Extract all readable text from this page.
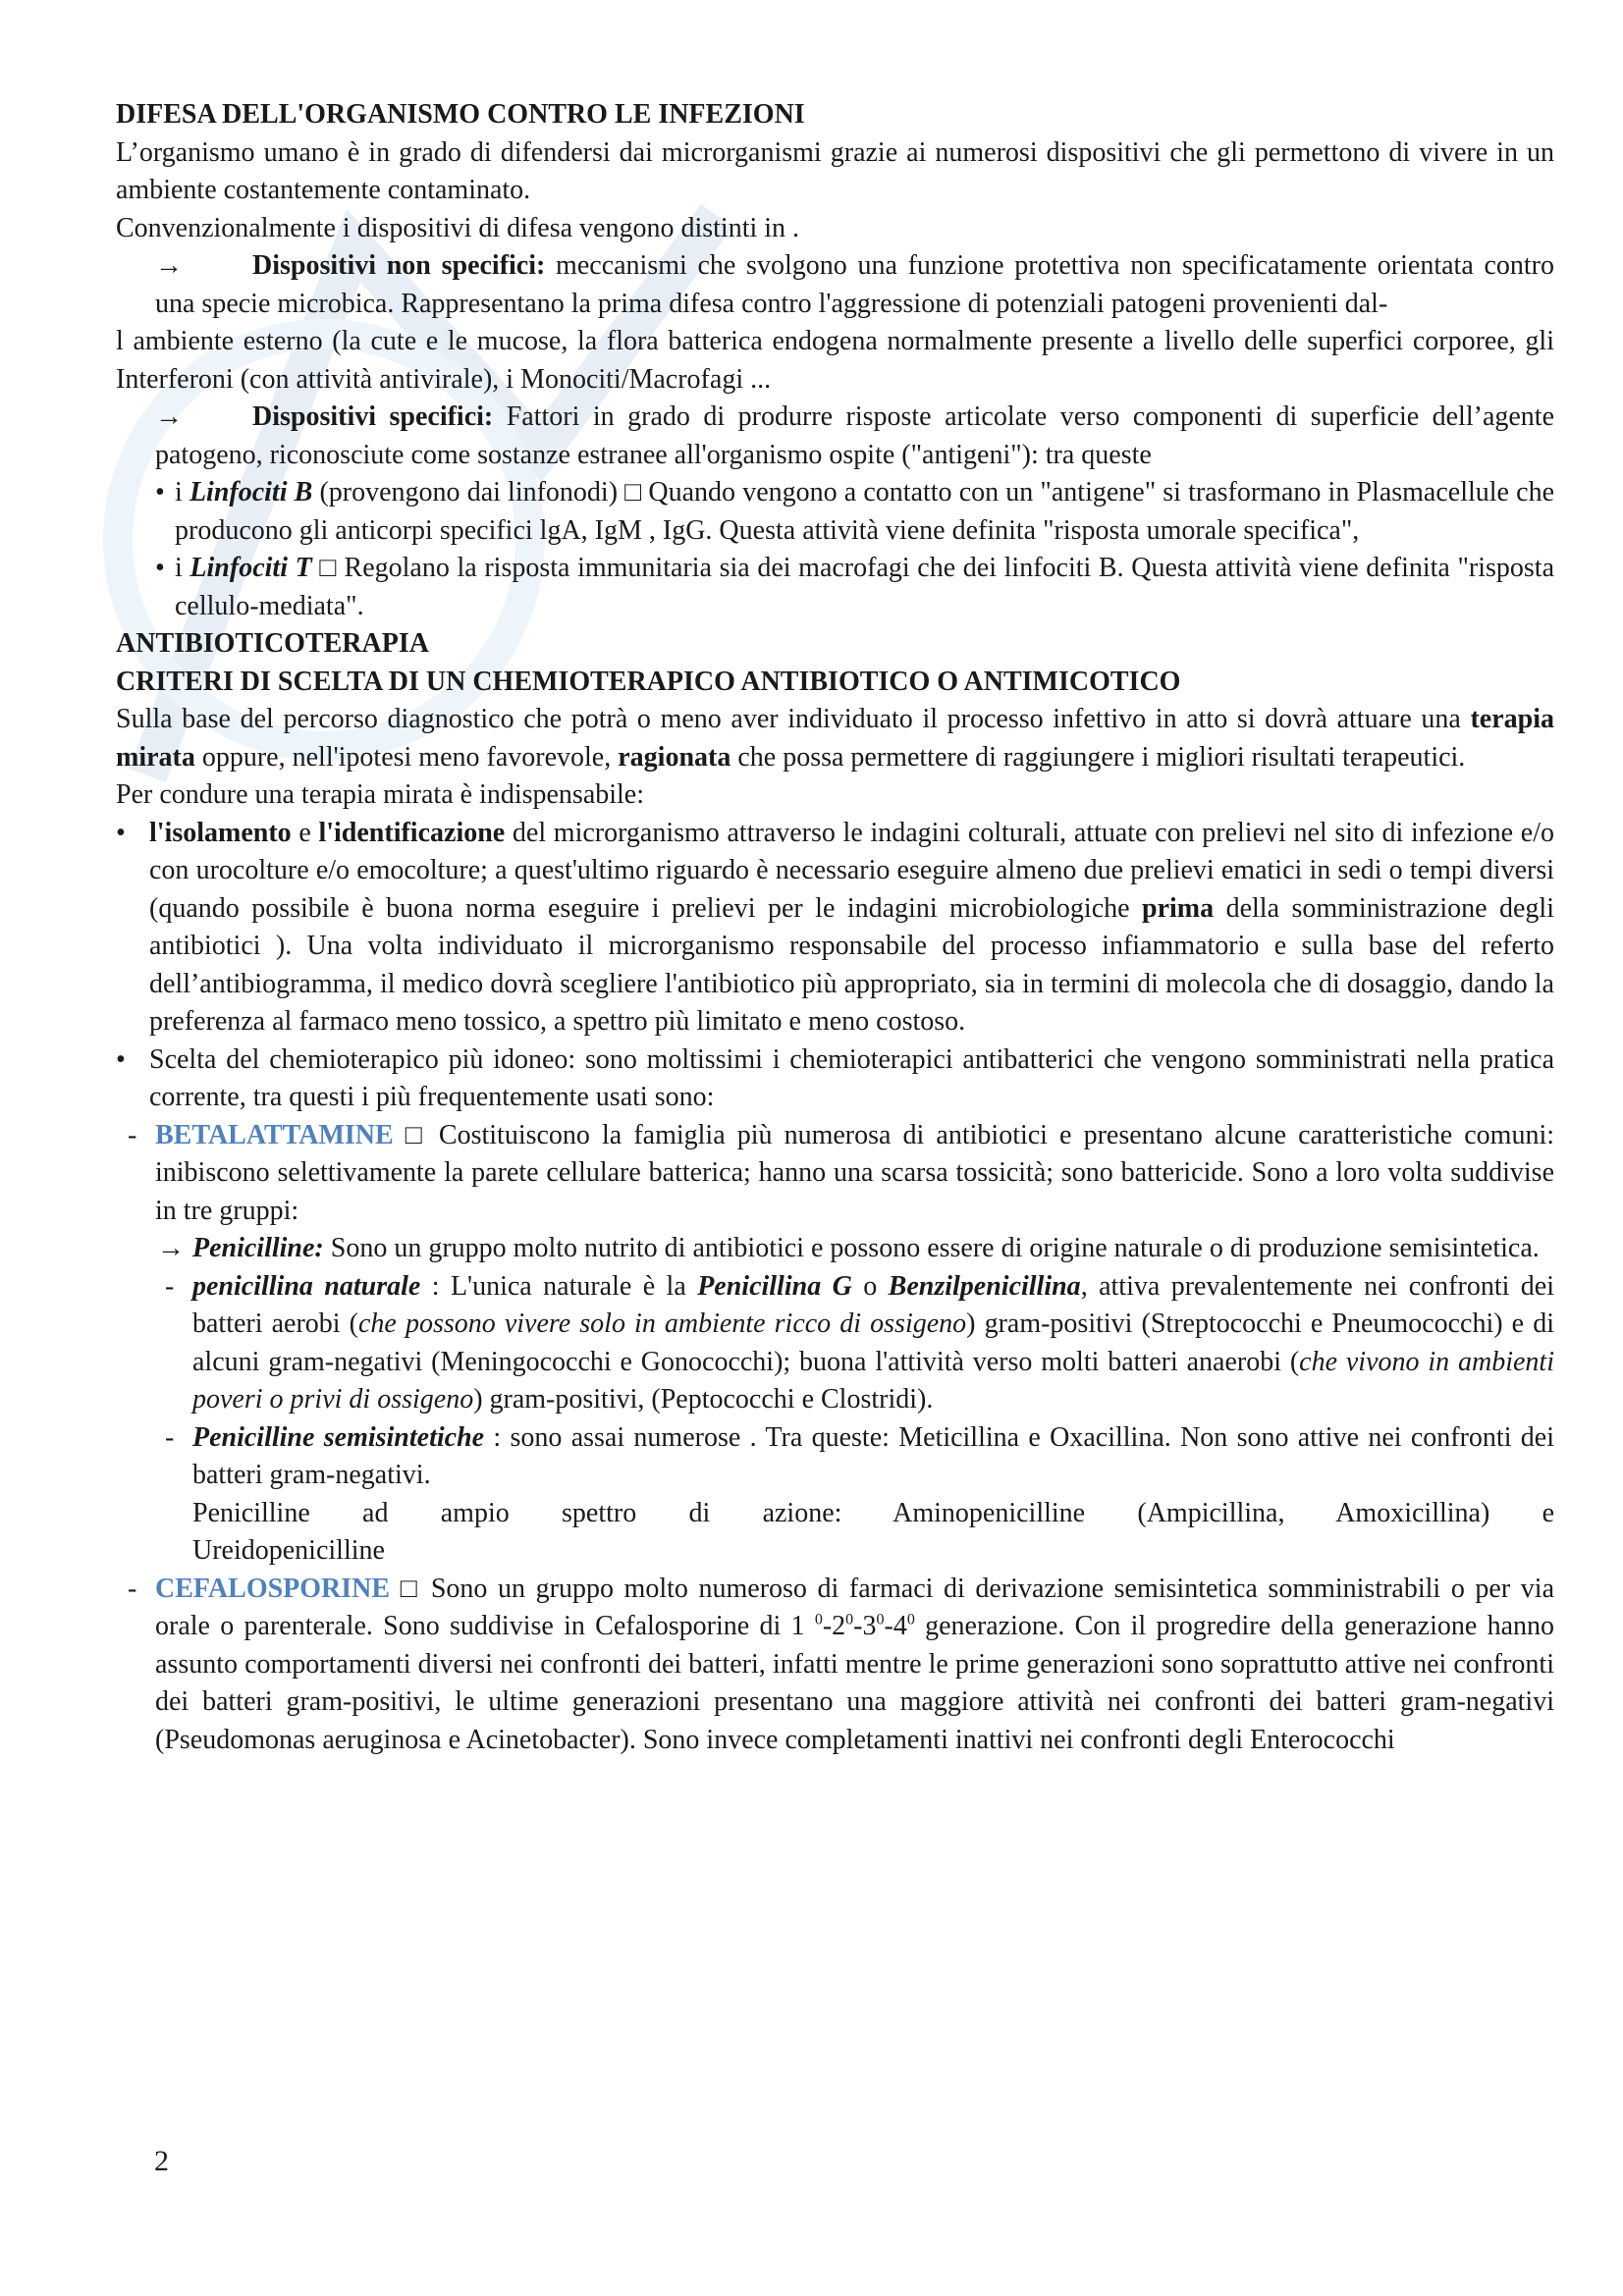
DIFESA DELL'ORGANISMO CONTRO LE INFEZIONI

L’organismo umano è in grado di difendersi dai microrganismi grazie ai numerosi dispositivi che gli permettono di vivere in un ambiente costantemente contaminato.

Convenzionalmente i dispositivi di difesa vengono distinti in .

→	Dispositivi non specifici: meccanismi che svolgono una funzione protettiva non specificatamente orientata contro una specie microbica. Rappresentano la prima difesa contro l'aggressione di potenziali patogeni provenienti dal-

l ambiente esterno (la cute e le mucose, la flora batterica endogena normalmente presente a livello delle superfici corporee, gli Interferoni (con attività antivirale), i Monociti/Macrofagi ...

→	Dispositivi specifici: Fattori in grado di produrre risposte articolate verso componenti di superficie dell’agente patogeno, riconosciute come sostanze estranee all'organismo ospite ("antigeni"): tra queste

• i Linfociti B (provengono dai linfonodi) □ Quando vengono a contatto con un "antigene" si trasformano in Plasmacellule che producono gli anticorpi specifici lgA, IgM , IgG. Questa attività viene definita "risposta umorale specifica",

• i Linfociti T □ Regolano la risposta immunitaria sia dei macrofagi che dei linfociti B. Questa attività viene definita "risposta cellulo-mediata".

ANTIBIOTICOTERAPIA

CRITERI DI SCELTA DI UN CHEMIOTERAPICO ANTIBIOTICO O ANTIMICOTICO

Sulla base del percorso diagnostico che potrà o meno aver individuato il processo infettivo in atto si dovrà attuare una terapia mirata oppure, nell'ipotesi meno favorevole, ragionata che possa permettere di raggiungere i migliori risultati terapeutici.

Per condure una terapia mirata è indispensabile:

• l'isolamento e l'identificazione del microrganismo attraverso le indagini colturali, attuate con prelievi nel sito di infezione e/o con urocolture e/o emocolture; a quest'ultimo riguardo è necessario eseguire almeno due prelievi ematici in sedi o tempi diversi (quando possibile è buona norma eseguire i prelievi per le indagini microbiologiche prima della somministrazione degli antibiotici ). Una volta individuato il microrganismo responsabile del processo infiammatorio e sulla base del referto dell’antibiogramma, il medico dovrà scegliere l'antibiotico più appropriato, sia in termini di molecola che di dosaggio, dando la preferenza al farmaco meno tossico, a spettro più limitato e meno costoso.

• Scelta del chemioterapico più idoneo: sono moltissimi i chemioterapici antibatterici che vengono somministrati nella pratica corrente, tra questi i più frequentemente usati sono:

- BETALATTAMINE □ Costituiscono la famiglia più numerosa di antibiotici e presentano alcune caratteristiche comuni: inibiscono selettivamente la parete cellulare batterica; hanno una scarsa tossicità; sono battericide. Sono a loro volta suddivise in tre gruppi:

→ Penicilline: Sono un gruppo molto nutrito di antibiotici e possono essere di origine naturale o di produzione semisintetica.

- penicillina naturale : L'unica naturale è la Penicillina G o Benzilpenicillina, attiva prevalentemente nei confronti dei batteri aerobi (che possono vivere solo in ambiente ricco di ossigeno) gram-positivi (Streptococchi e Pneumococchi) e di alcuni gram-negativi (Meningococchi e Gonococchi); buona l'attività verso molti batteri anaerobi (che vivono in ambienti poveri o privi di ossigeno) gram-positivi, (Peptococchi e Clostridi).

- Penicilline semisintetiche : sono assai numerose . Tra queste: Meticillina e Oxacillina. Non sono attive nei confronti dei batteri gram-negativi.

Penicilline ad ampio spettro di azione: Aminopenicilline (Ampicillina, Amoxicillina) e

Ureidopenicilline

- CEFALOSPORINE □ Sono un gruppo molto numeroso di farmaci di derivazione semisintetica somministrabili o per via orale o parenterale. Sono suddivise in Cefalosporine di 1 $^0-2^0-3^0-4^0$ generazione. Con il progredire della generazione hanno assunto comportamenti diversi nei confronti dei batteri, infatti mentre le prime generazioni sono soprattutto attive nei confronti dei batteri gram-positivi, le ultime generazioni presentano una maggiore attività nei confronti dei batteri gram-negativi (Pseudomonas aeruginosa e Acinetobacter). Sono invece completamenti inattivi nei confronti degli Enterococchi

2
